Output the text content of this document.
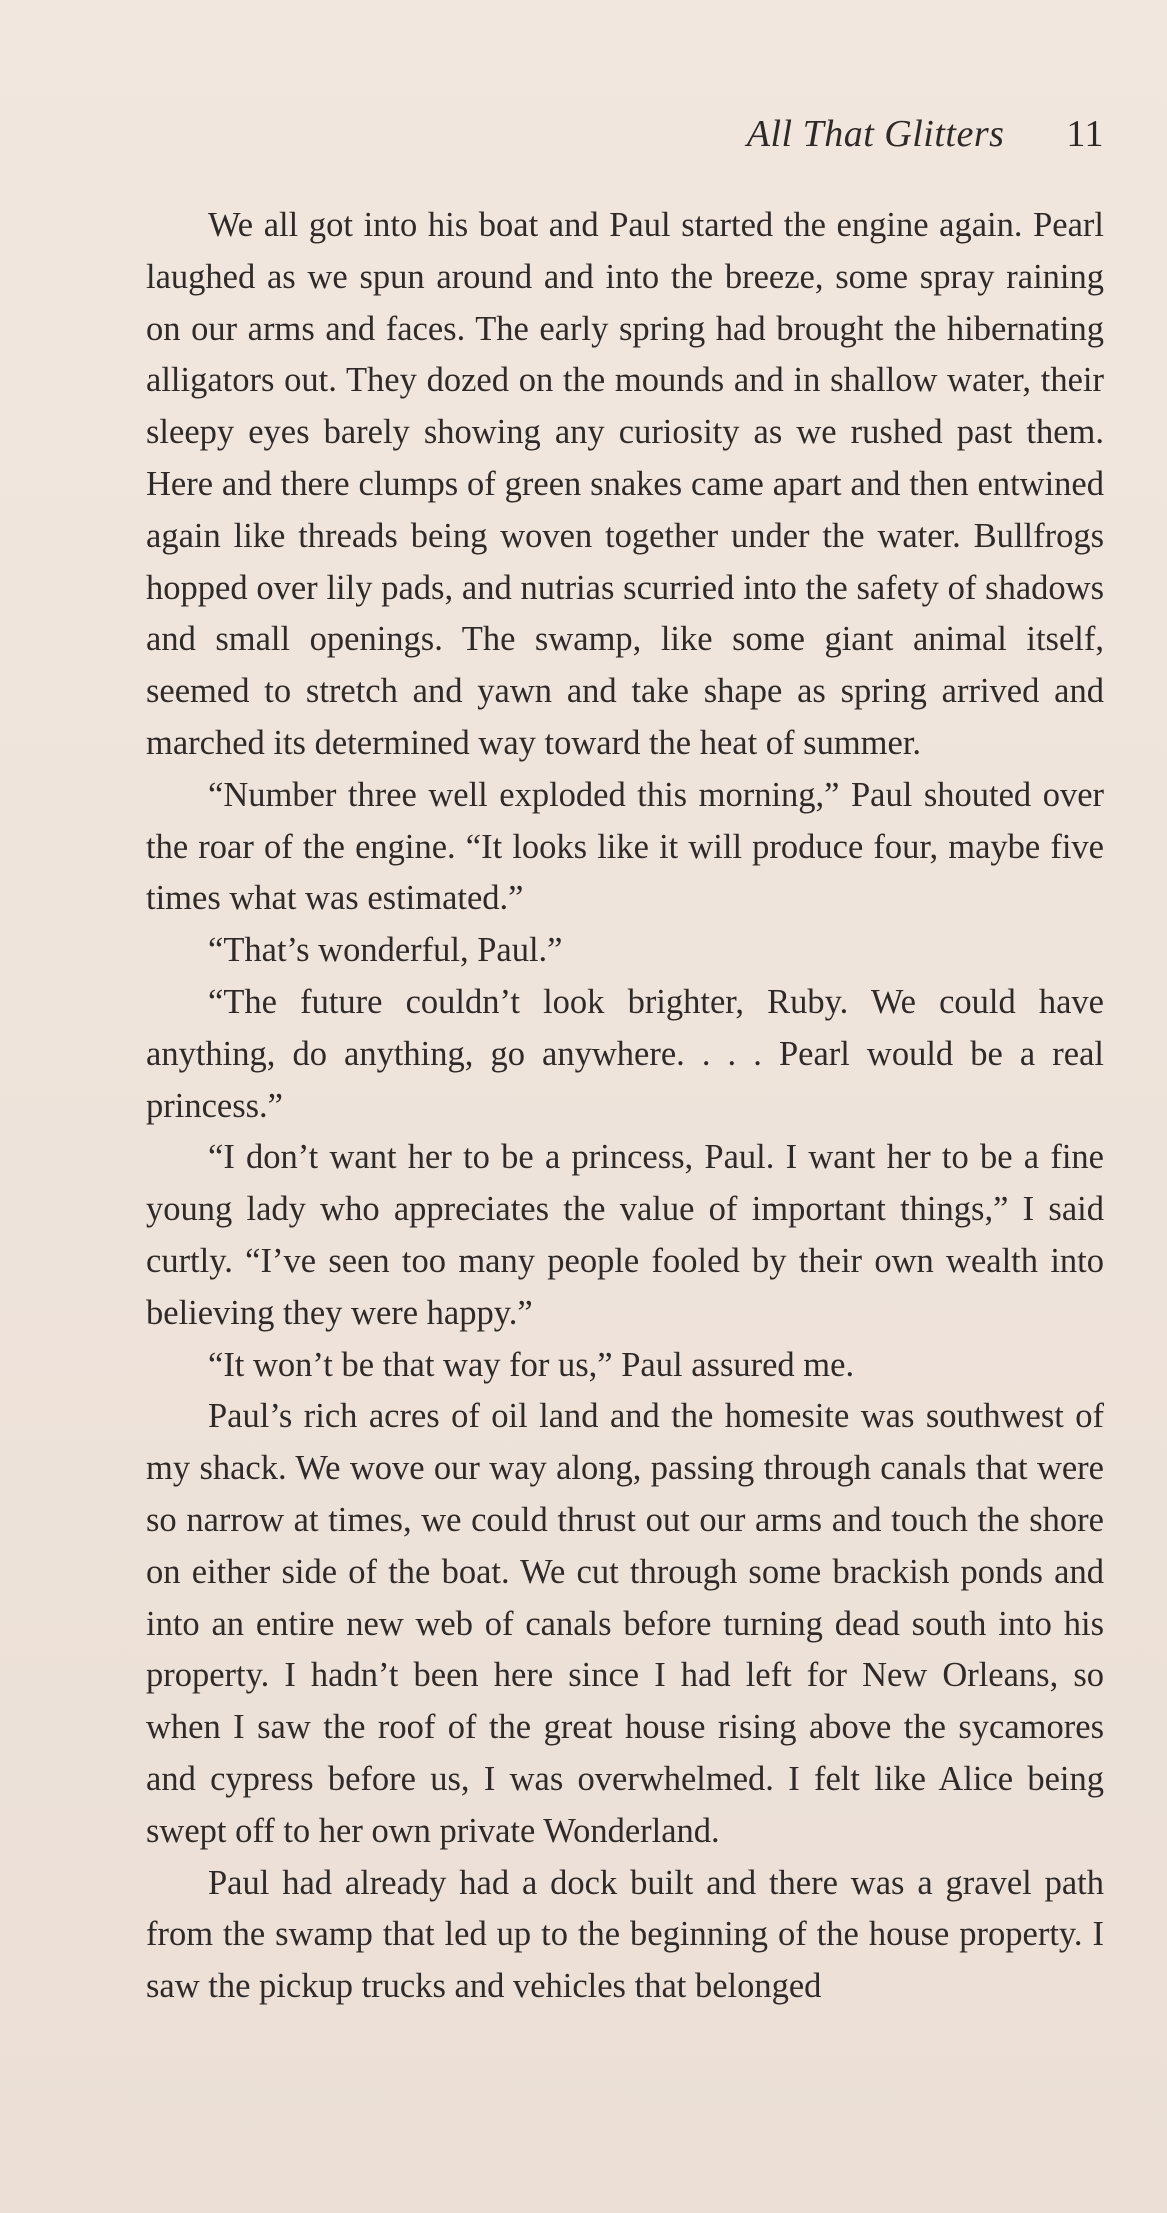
All That Glitters 11

We all got into his boat and Paul started the engine again. Pearl laughed as we spun around and into the breeze, some spray raining on our arms and faces. The early spring had brought the hibernating alligators out. They dozed on the mounds and in shallow water, their sleepy eyes barely showing any curiosity as we rushed past them. Here and there clumps of green snakes came apart and then entwined again like threads being woven together under the water. Bullfrogs hopped over lily pads, and nutrias scurried into the safety of shadows and small openings. The swamp, like some giant animal itself, seemed to stretch and yawn and take shape as spring arrived and marched its determined way toward the heat of summer.

“Number three well exploded this morning,” Paul shouted over the roar of the engine. “It looks like it will produce four, maybe five times what was estimated.”

“That’s wonderful, Paul.”

“The future couldn’t look brighter, Ruby. We could have anything, do anything, go anywhere. . . . Pearl would be a real princess.”

“I don’t want her to be a princess, Paul. I want her to be a fine young lady who appreciates the value of important things,” I said curtly. “I’ve seen too many people fooled by their own wealth into believing they were happy.”

“It won’t be that way for us,” Paul assured me.

Paul’s rich acres of oil land and the homesite was southwest of my shack. We wove our way along, passing through canals that were so narrow at times, we could thrust out our arms and touch the shore on either side of the boat. We cut through some brackish ponds and into an entire new web of canals before turning dead south into his property. I hadn’t been here since I had left for New Orleans, so when I saw the roof of the great house rising above the sycamores and cypress before us, I was overwhelmed. I felt like Alice being swept off to her own private Wonderland.

Paul had already had a dock built and there was a gravel path from the swamp that led up to the beginning of the house property. I saw the pickup trucks and vehicles that belonged
